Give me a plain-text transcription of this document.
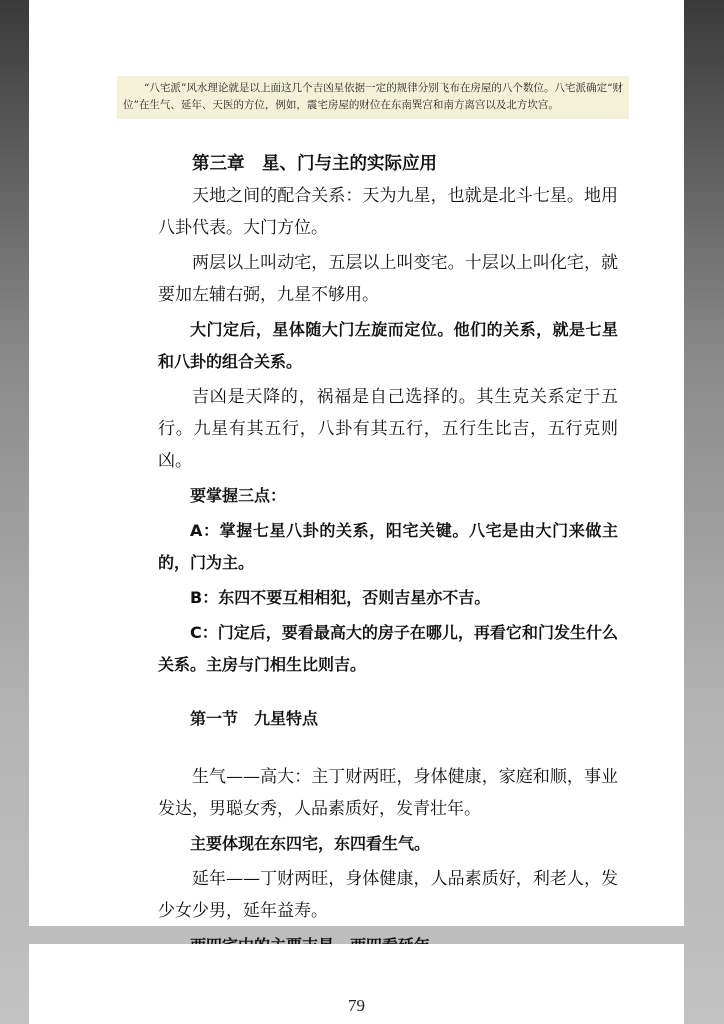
“八宅派”风水理论就是以上面这几个吉凶星依据一定的规律分别飞布在房屋的八个数位。八宅派确定“财位”在生气、延年、天医的方位，例如，震宅房屋的财位在东南巽宫和南方离宫以及北方坎宫。
第三章　星、门与主的实际应用

天地之间的配合关系：天为九星，也就是北斗七星。地用八卦代表。大门方位。

两层以上叫动宅，五层以上叫变宅。十层以上叫化宅，就要加左辅右弼，九星不够用。

大门定后，星体随大门左旋而定位。他们的关系，就是七星和八卦的组合关系。

吉凶是天降的，祸福是自己选择的。其生克关系定于五行。九星有其五行，八卦有其五行，五行生比吉，五行克则凶。

要掌握三点：

A：掌握七星八卦的关系，阳宅关键。八宅是由大门来做主的，门为主。

B：东四不要互相相犯，否则吉星亦不吉。

C：门定后，要看最高大的房子在哪儿，再看它和门发生什么关系。主房与门相生比则吉。

第一节　九星特点

生气——高大：主丁财两旺，身体健康，家庭和顺，事业发达，男聪女秀，人品素质好，发青壮年。

主要体现在东四宅，东四看生气。

延年——丁财两旺，身体健康，人品素质好，利老人，发少女少男，延年益寿。

79
